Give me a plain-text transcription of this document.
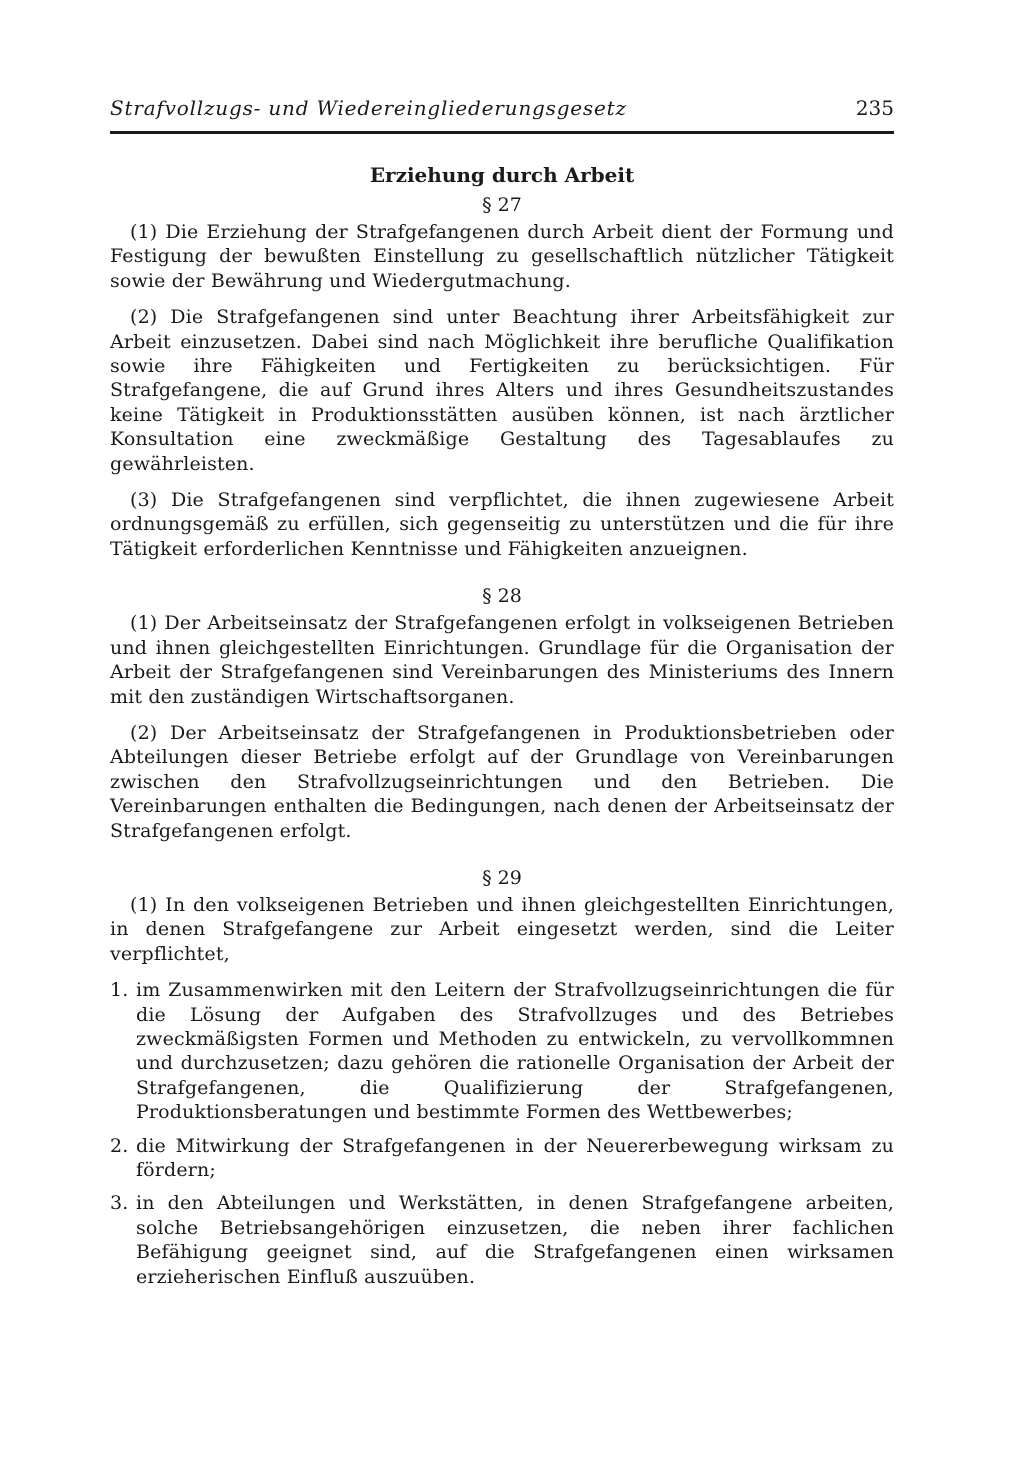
Strafvollzugs- und Wiedereingliederungsgesetz	235
Erziehung durch Arbeit

§ 27

(1) Die Erziehung der Strafgefangenen durch Arbeit dient der Formung und Festigung der bewußten Einstellung zu gesellschaftlich nützlicher Tätigkeit sowie der Bewährung und Wiedergutmachung.

(2) Die Strafgefangenen sind unter Beachtung ihrer Arbeitsfähigkeit zur Arbeit einzusetzen. Dabei sind nach Möglichkeit ihre berufliche Qualifikation sowie ihre Fähigkeiten und Fertigkeiten zu berücksichtigen. Für Strafgefangene, die auf Grund ihres Alters und ihres Gesundheitszustandes keine Tätigkeit in Produktionsstätten ausüben können, ist nach ärztlicher Konsultation eine zweckmäßige Gestaltung des Tagesablaufes zu gewährleisten.

(3) Die Strafgefangenen sind verpflichtet, die ihnen zugewiesene Arbeit ordnungsgemäß zu erfüllen, sich gegenseitig zu unterstützen und die für ihre Tätigkeit erforderlichen Kenntnisse und Fähigkeiten anzueignen.

§ 28

(1) Der Arbeitseinsatz der Strafgefangenen erfolgt in volkseigenen Betrieben und ihnen gleichgestellten Einrichtungen. Grundlage für die Organisation der Arbeit der Strafgefangenen sind Vereinbarungen des Ministeriums des Innern mit den zuständigen Wirtschaftsorganen.

(2) Der Arbeitseinsatz der Strafgefangenen in Produktionsbetrieben oder Abteilungen dieser Betriebe erfolgt auf der Grundlage von Vereinbarungen zwischen den Strafvollzugseinrichtungen und den Betrieben. Die Vereinbarungen enthalten die Bedingungen, nach denen der Arbeitseinsatz der Strafgefangenen erfolgt.

§ 29

(1) In den volkseigenen Betrieben und ihnen gleichgestellten Einrichtungen, in denen Strafgefangene zur Arbeit eingesetzt werden, sind die Leiter verpflichtet,

1. im Zusammenwirken mit den Leitern der Strafvollzugseinrichtungen die für die Lösung der Aufgaben des Strafvollzuges und des Betriebes zweckmäßigsten Formen und Methoden zu entwickeln, zu vervollkommnen und durchzusetzen; dazu gehören die rationelle Organisation der Arbeit der Strafgefangenen, die Qualifizierung der Strafgefangenen, Produktionsberatungen und bestimmte Formen des Wettbewerbes;
2. die Mitwirkung der Strafgefangenen in der Neuererbewegung wirksam zu fördern;
3. in den Abteilungen und Werkstätten, in denen Strafgefangene arbeiten, solche Betriebsangehörigen einzusetzen, die neben ihrer fachlichen Befähigung geeignet sind, auf die Strafgefangenen einen wirksamen erzieherischen Einfluß auszuüben.
